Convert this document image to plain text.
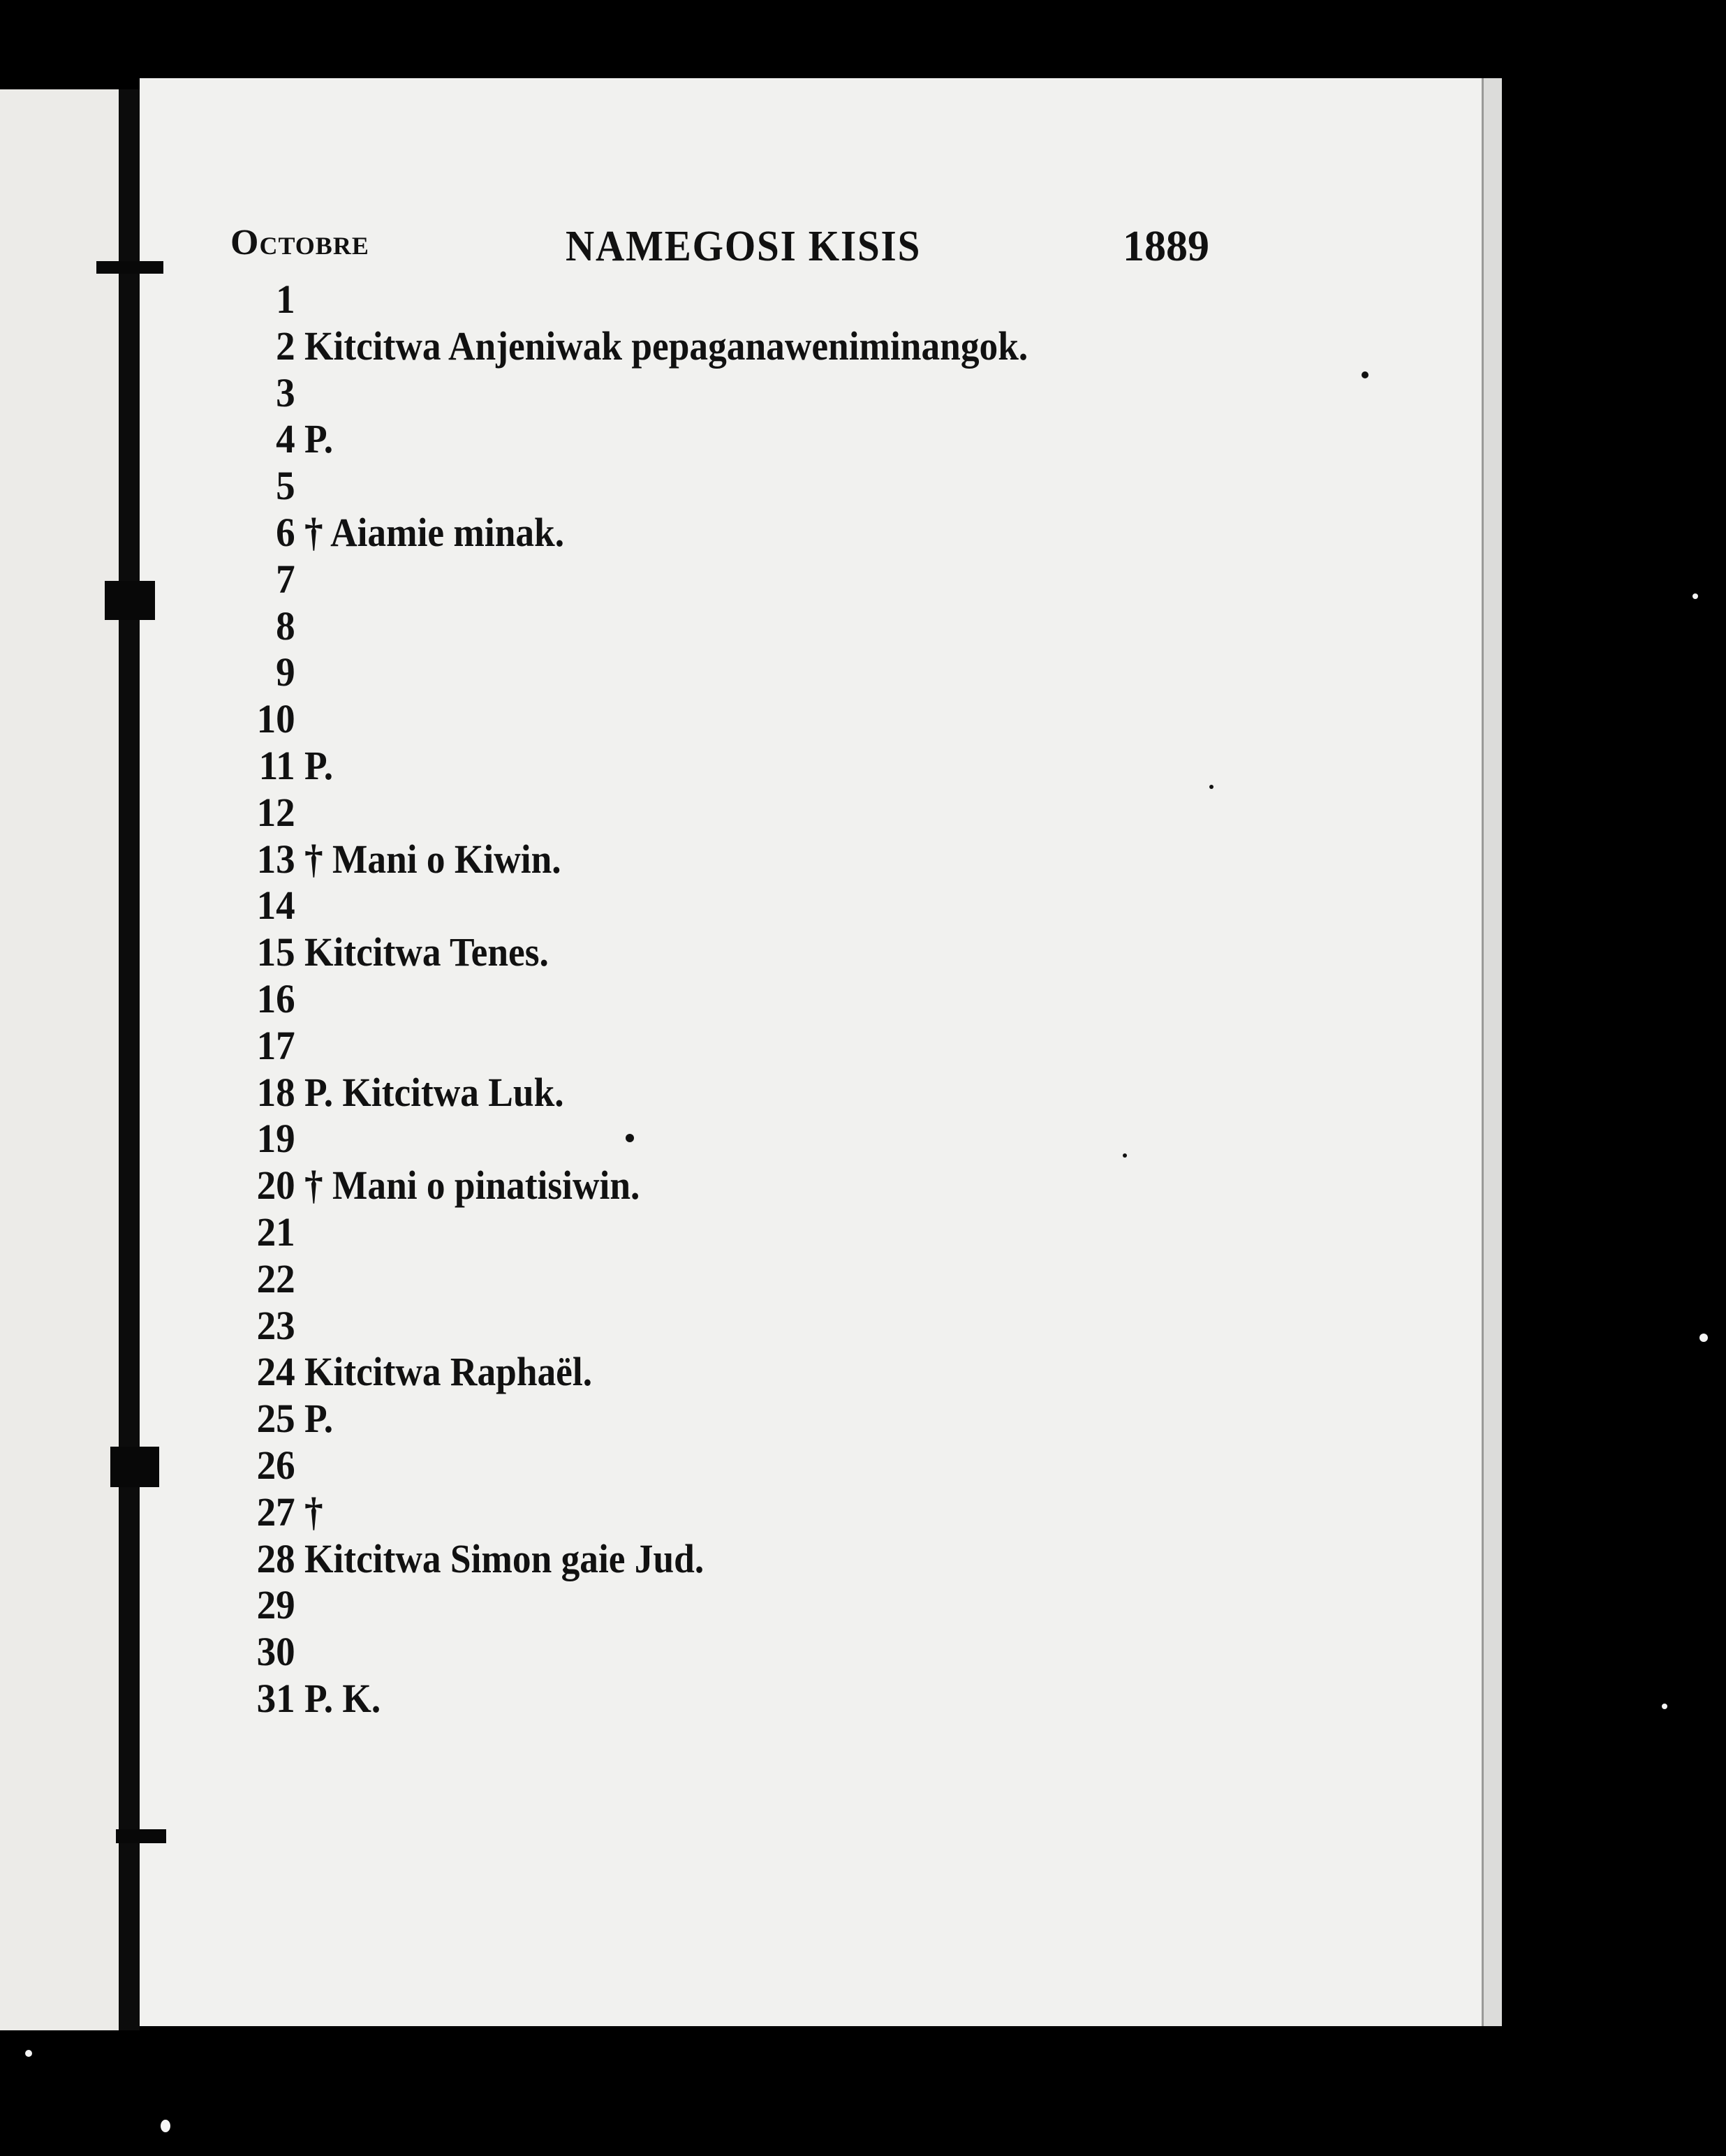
Octobre	NAMEGOSI KISIS	1889
1
2 Kitcitwa Anjeniwak pepaganaweniminangok.
3
4 P.
5
6 † Aiamie minak.
7
8
9
10
11 P.
12
13 † Mani o Kiwin.
14
15 Kitcitwa Tenes.
16
17
18 P. Kitcitwa Luk.
19
20 † Mani o pinatisiwin.
21
22
23
24 Kitcitwa Raphaël.
25 P.
26
27 †
28 Kitcitwa Simon gaie Jud.
29
30
31 P. K.
